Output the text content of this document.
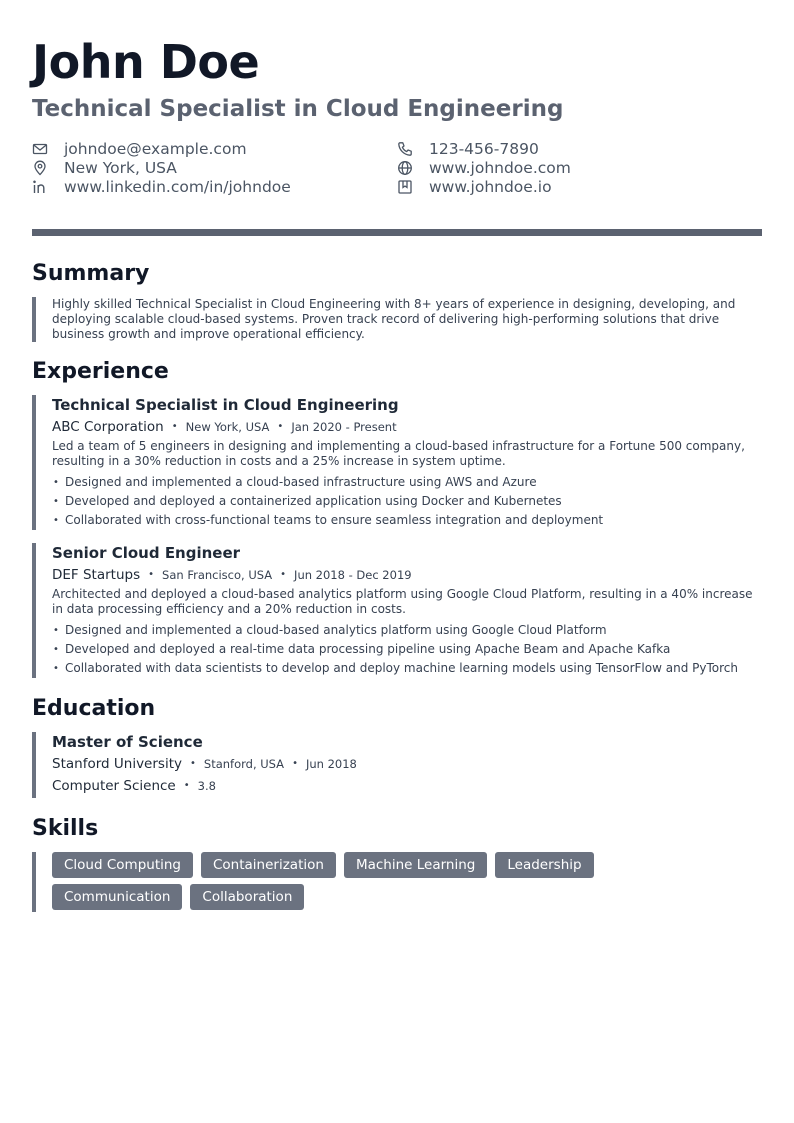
John Doe
Technical Specialist in Cloud Engineering
johndoe@example.com	123-456-7890
New York, USA	www.johndoe.com
www.linkedin.com/in/johndoe	www.johndoe.io
Summary
Highly skilled Technical Specialist in Cloud Engineering with 8+ years of experience in designing, developing, and deploying scalable cloud-based systems. Proven track record of delivering high-performing solutions that drive business growth and improve operational efficiency.
Experience
Technical Specialist in Cloud Engineering
ABC Corporation • New York, USA • Jan 2020 - Present
Led a team of 5 engineers in designing and implementing a cloud-based infrastructure for a Fortune 500 company, resulting in a 30% reduction in costs and a 25% increase in system uptime.
• Designed and implemented a cloud-based infrastructure using AWS and Azure
• Developed and deployed a containerized application using Docker and Kubernetes
• Collaborated with cross-functional teams to ensure seamless integration and deployment
Senior Cloud Engineer
DEF Startups • San Francisco, USA • Jun 2018 - Dec 2019
Architected and deployed a cloud-based analytics platform using Google Cloud Platform, resulting in a 40% increase in data processing efficiency and a 20% reduction in costs.
• Designed and implemented a cloud-based analytics platform using Google Cloud Platform
• Developed and deployed a real-time data processing pipeline using Apache Beam and Apache Kafka
• Collaborated with data scientists to develop and deploy machine learning models using TensorFlow and PyTorch
Education
Master of Science
Stanford University • Stanford, USA • Jun 2018
Computer Science • 3.8
Skills
Cloud Computing	Containerization	Machine Learning	Leadership
Communication	Collaboration
